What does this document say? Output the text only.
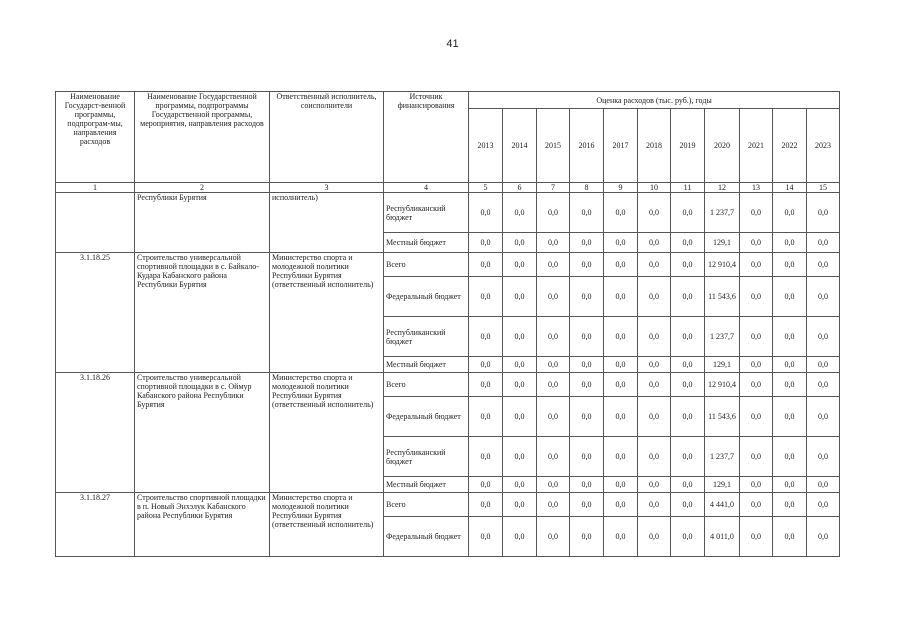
41
Наименование Государст-венной программы, подпрограм-мы, направления расходов	Наименование Государственной программы, подпрограммы Государственной программы, мероприятия, направления расходов	Ответственный исполнитель, соисполнители	Источник финансирования	Оценка расходов (тыс. руб.), годы										
				2013	2014	2015	2016	2017	2018	2019	2020	2021	2022	2023
1	2	3	4	5	6	7	8	9	10	11	12	13	14	15
	Республики Бурятия	исполнитель)	Республиканский бюджет	0,0	0,0	0,0	0,0	0,0	0,0	0,0	1 237,7	0,0	0,0	0,0
			Местный бюджет	0,0	0,0	0,0	0,0	0,0	0,0	0,0	129,1	0,0	0,0	0,0
3.1.18.25	Строительство универсальной спортивной площадки в с. Байкало-Кудара Кабанского района Республики Бурятия	Министерство спорта и молодежной политики Республики Бурятия (ответственный исполнитель)	Всего	0,0	0,0	0,0	0,0	0,0	0,0	0,0	12 910,4	0,0	0,0	0,0
			Федеральный бюджет	0,0	0,0	0,0	0,0	0,0	0,0	0,0	11 543,6	0,0	0,0	0,0
			Республиканский бюджет	0,0	0,0	0,0	0,0	0,0	0,0	0,0	1 237,7	0,0	0,0	0,0
			Местный бюджет	0,0	0,0	0,0	0,0	0,0	0,0	0,0	129,1	0,0	0,0	0,0
3.1.18.26	Строительство универсальной спортивной площадки в с. Оймур Кабанского района Республики Бурятия	Министерство спорта и молодежной политики Республики Бурятия (ответственный исполнитель)	Всего	0,0	0,0	0,0	0,0	0,0	0,0	0,0	12 910,4	0,0	0,0	0,0
			Федеральный бюджет	0,0	0,0	0,0	0,0	0,0	0,0	0,0	11 543,6	0,0	0,0	0,0
			Республиканский бюджет	0,0	0,0	0,0	0,0	0,0	0,0	0,0	1 237,7	0,0	0,0	0,0
			Местный бюджет	0,0	0,0	0,0	0,0	0,0	0,0	0,0	129,1	0,0	0,0	0,0
3.1.18.27	Строительство спортивной площадки в п. Новый Энхэлук Кабанского района Республики Бурятия	Министерство спорта и молодежной политики Республики Бурятия (ответственный исполнитель)	Всего	0,0	0,0	0,0	0,0	0,0	0,0	0,0	4 441,0	0,0	0,0	0,0
			Федеральный бюджет	0,0	0,0	0,0	0,0	0,0	0,0	0,0	4 011,0	0,0	0,0	0,0
